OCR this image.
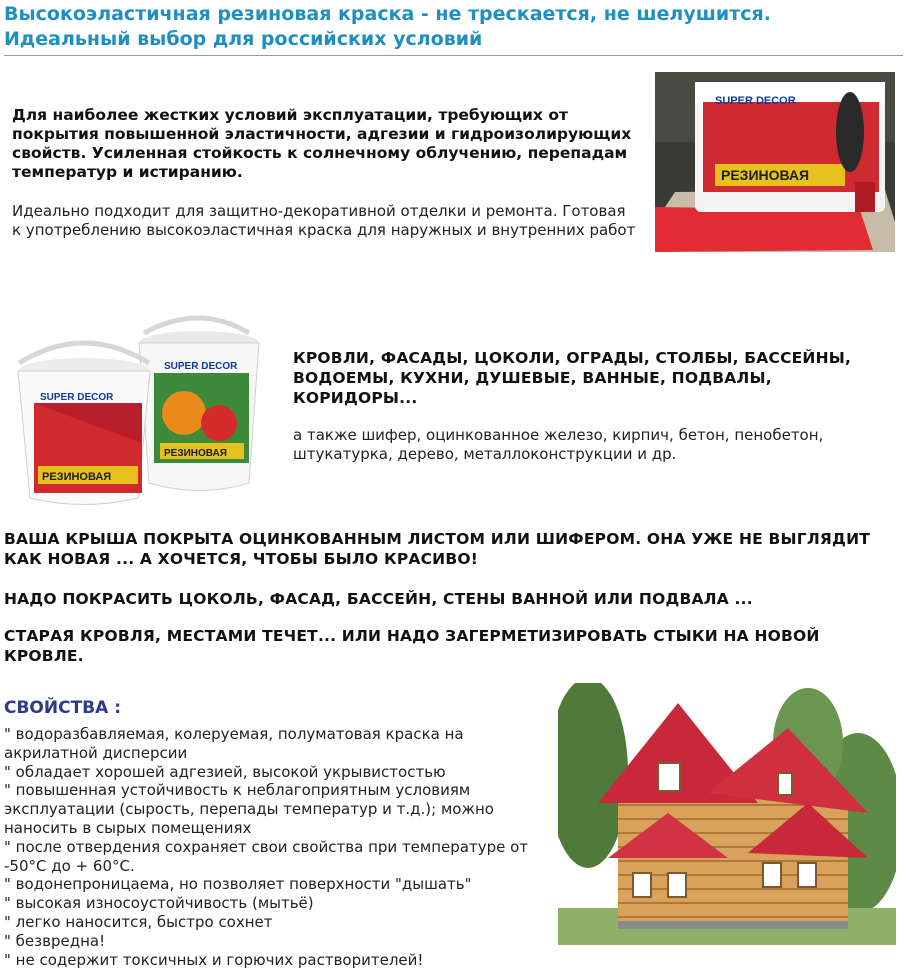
Высокоэластичная резиновая краска - не трескается, не шелушится.
Идеальный выбор для российских условий
Для наиболее жестких условий эксплуатации, требующих от покрытия повышенной эластичности, адгезии и гидроизолирующих свойств. Усиленная стойкость к солнечному облучению, перепадам температур и истиранию.
Идеально подходит для защитно-декоративной отделки и ремонта. Готовая к употреблению высокоэластичная краска для наружных и внутренних работ
SUPER DECOR
РЕЗИНОВАЯ
SUPER DECOR
РЕЗИНОВАЯ
SUPER DECOR
РЕЗИНОВАЯ
КРОВЛИ, ФАСАДЫ, ЦОКОЛИ, ОГРАДЫ, СТОЛБЫ, БАССЕЙНЫ, ВОДОЕМЫ, КУХНИ, ДУШЕВЫЕ, ВАННЫЕ, ПОДВАЛЫ, КОРИДОРЫ...
а также шифер, оцинкованное железо, кирпич, бетон, пенобетон, штукатурка, дерево, металлоконструкции и др.
ВАША КРЫША ПОКРЫТА ОЦИНКОВАННЫМ ЛИСТОМ ИЛИ ШИФЕРОМ. ОНА УЖЕ НЕ ВЫГЛЯДИТ КАК НОВАЯ ... А ХОЧЕТСЯ, ЧТОБЫ БЫЛО КРАСИВО!
НАДО ПОКРАСИТЬ ЦОКОЛЬ, ФАСАД, БАССЕЙН, СТЕНЫ ВАННОЙ ИЛИ ПОДВАЛА ...
СТАРАЯ КРОВЛЯ, МЕСТАМИ ТЕЧЕТ... ИЛИ НАДО ЗАГЕРМЕТИЗИРОВАТЬ СТЫКИ НА НОВОЙ КРОВЛЕ.
СВОЙСТВА :
" водоразбавляемая, колеруемая, полуматовая краска на акрилатной дисперсии
" обладает хорошей адгезией, высокой укрывистостью
" повышенная устойчивость к неблагоприятным условиям эксплуатации (сырость, перепады температур и т.д.); можно наносить в сырых помещениях
" после отвердения сохраняет свои свойства при температуре от -50°С до + 60°С.
" водонепроницаема, но позволяет поверхности "дышать"
" высокая износоустойчивость (мытьё)
" легко наносится, быстро сохнет
" безвредна!
" не содержит токсичных и горючих растворителей!
